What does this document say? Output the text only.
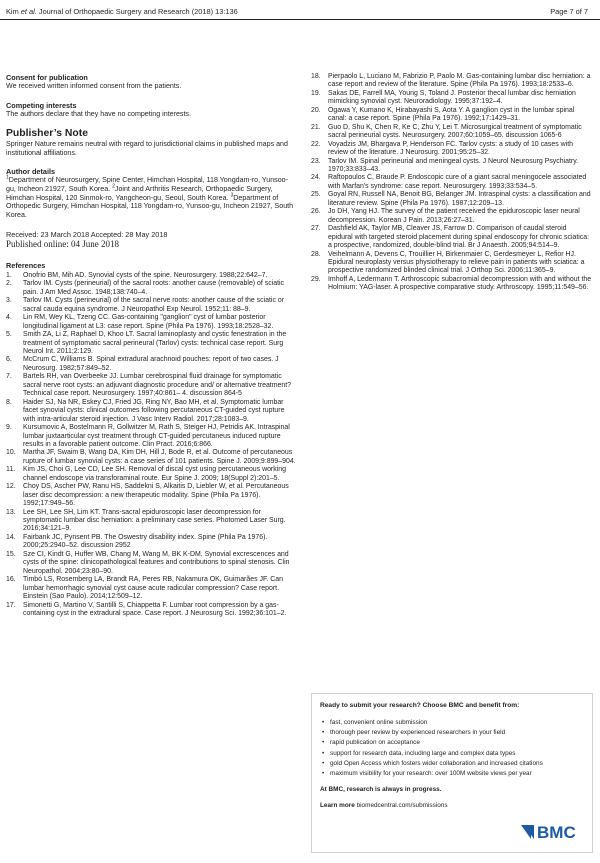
Kim et al. Journal of Orthopaedic Surgery and Research (2018) 13:136	Page 7 of 7
Consent for publication

We received written informed consent from the patients.

Competing interests

The authors declare that they have no competing interests.

Publisher’s Note

Springer Nature remains neutral with regard to jurisdictional claims in published maps and institutional affiliations.

Author details

$^1$Department of Neurosurgery, Spine Center, Himchan Hospital, 118 Yongdam-ro, Yunsoo-gu, Incheon 21927, South Korea. $^2$Joint and Arthritis Research, Orthopaedic Surgery, Himchan Hospital, 120 Sinmok-ro, Yangcheon-gu, Seoul, South Korea. $^3$Department of Orthopedic Surgery, Himchan Hospital, 118 Yongdam-ro, Yunsoo-gu, Incheon 21927, South Korea.

Received: 23 March 2018 Accepted: 28 May 2018

Published online: 04 June 2018

References
1.	Onofrio BM, Mih AD. Synovial cysts of the spine. Neurosurgery. 1988;22:642–7.
2.	Tarlov IM. Cysts (perineurial) of the sacral roots: another cause (removable) of sciatic pain. J Am Med Assoc. 1948;138:740–4.
3.	Tarlov IM. Cysts (perineurial) of the sacral nerve roots: another cause of the sciatic or sacral cauda equina syndrome. J Neuropathol Exp Neurol. 1952;11: 88–9.
4.	Lin RM, Wey KL, Tzeng CC. Gas-containing "ganglion" cyst of lumbar posterior longitudinal ligament at L3: case report. Spine (Phila Pa 1976). 1993;18:2528–32.
5.	Smith ZA, Li Z, Raphael D, Khoo LT. Sacral laminoplasty and cystic fenestration in the treatment of symptomatic sacral perineural (Tarlov) cysts: technical case report. Surg Neurol Int. 2011;2:129.
6.	McCrum C, Williams B. Spinal extradural arachnoid pouches: report of two cases. J Neurosurg. 1982;57:849–52.
7.	Bartels RH, van Overbeeke JJ. Lumbar cerebrospinal fluid drainage for symptomatic sacral nerve root cysts: an adjuvant diagnostic procedure and/ or alternative treatment? Technical case report. Neurosurgery. 1997;40:861– 4. discussion 864-5
8.	Haider SJ, Na NR, Eskey CJ, Fried JG, Ring NY, Bao MH, et al. Symptomatic lumbar facet synovial cysts: clinical outcomes following percutaneous CT-guided cyst rupture with intra-articular steroid injection. J Vasc Interv Radiol. 2017;28:1083–9.
9.	Kursumovic A, Bostelmann R, Gollwitzer M, Rath S, Steiger HJ, Petridis AK. Intraspinal lumbar juxtaarticular cyst treatment through CT-guided percutaneus induced rupture results in a favorable patient outcome. Clin Pract. 2016;6:866.
10.	Martha JF, Swaim B, Wang DA, Kim DH, Hill J, Bode R, et al. Outcome of percutaneous rupture of lumbar synovial cysts: a case series of 101 patients. Spine J. 2009;9:899–904.
11.	Kim JS, Choi G, Lee CD, Lee SH. Removal of discal cyst using percutaneous working channel endoscope via transforaminal route. Eur Spine J. 2009; 18(Suppl 2):201–5.
12.	Choy DS, Ascher PW, Ranu HS, Saddekni S, Alkaitis D, Liebler W, et al. Percutaneous laser disc decompression: a new therapeutic modality. Spine (Phila Pa 1976). 1992;17:949–56.
13.	Lee SH, Lee SH, Lim KT. Trans-sacral epiduroscopic laser decompression for symptomatic lumbar disc herniation: a preliminary case series. Photomed Laser Surg. 2016;34:121–9.
14.	Fairbank JC, Pynsent PB. The Oswestry disability index. Spine (Phila Pa 1976). 2000;25:2940–52. discussion 2952
15.	Sze CI, Kindt G, Huffer WB, Chang M, Wang M, BK K-DM. Synovial excrescences and cysts of the spine: clinicopathological features and contributions to spinal stenosis. Clin Neuropathol. 2004;23:80–90.
16.	Timbó LS, Rosemberg LA, Brandt RA, Peres RB, Nakamura OK, Guimarães JF. Can lumbar hemorrhagic synovial cyst cause acute radicular compression? Case report. Einstein (Sao Paulo). 2014;12:509–12.
17.	Simonetti G, Martino V, Santilli S, Chiappetta F. Lumbar root compression by a gas-containing cyst in the extradural space. Case report. J Neurosurg Sci. 1992;36:101–2.
18.	Pierpaolo L, Luciano M, Fabrizio P, Paolo M. Gas-containing lumbar disc herniation: a case report and review of the literature. Spine (Phila Pa 1976). 1993;18:2533–6.
19.	Sakas DE, Farrell MA, Young S, Toland J. Posterior thecal lumbar disc herniation mimicking synovial cyst. Neuroradiology. 1995;37:192–4.
20.	Ogawa Y, Kumano K, Hirabayashi S, Aota Y. A ganglion cyst in the lumbar spinal canal: a case report. Spine (Phila Pa 1976). 1992;17:1429–31.
21.	Guo D, Shu K, Chen R, Ke C, Zhu Y, Lei T. Microsurgical treatment of symptomatic sacral perineurial cysts. Neurosurgery. 2007;60:1059–65. discussion 1065-6
22.	Voyadzis JM, Bhargava P, Henderson FC. Tarlov cysts: a study of 10 cases with review of the literature. J Neurosurg. 2001;95:25–32.
23.	Tarlov IM. Spinal perineurial and meningeal cysts. J Neurol Neurosurg Psychiatry. 1970;33:833–43.
24.	Raftopoulos C, Braude P. Endoscopic cure of a giant sacral meningocele associated with Marfan's syndrome: case report. Neurosurgery. 1993;33:534–5.
25.	Goyal RN, Russell NA, Benoit BG, Belanger JM. Intraspinal cysts: a classification and literature review. Spine (Phila Pa 1976). 1987;12:209–13.
26.	Jo DH, Yang HJ. The survey of the patient received the epiduroscopic laser neural decompression. Korean J Pain. 2013;26:27–31.
27.	Dashfield AK, Taylor MB, Cleaver JS, Farrow D. Comparison of caudal steroid epidural with targeted steroid placement during spinal endoscopy for chronic sciatica: a prospective, randomized, double-blind trial. Br J Anaesth. 2005;94:514–9.
28.	Veihelmann A, Devens C, Trouillier H, Birkenmaier C, Gerdesmeyer L, Refior HJ. Epidural neuroplasty versus physiotherapy to relieve pain in patients with sciatica: a prospective randomized blinded clinical trial. J Orthop Sci. 2006;11:365–9.
29.	Imhoff A, Ledermann T. Arthroscopic subacromial decompression with and without the Holmium: YAG-laser. A prospective comparative study. Arthroscopy. 1995;11:549–56.

Ready to submit your research? Choose BMC and benefit from:

• fast, convenient online submission
• thorough peer review by experienced researchers in your field
• rapid publication on acceptance
• support for research data, including large and complex data types
• gold Open Access which fosters wider collaboration and increased citations
• maximum visibility for your research: over 100M website views per year

At BMC, research is always in progress.

Learn more biomedcentral.com/submissions

BMC
